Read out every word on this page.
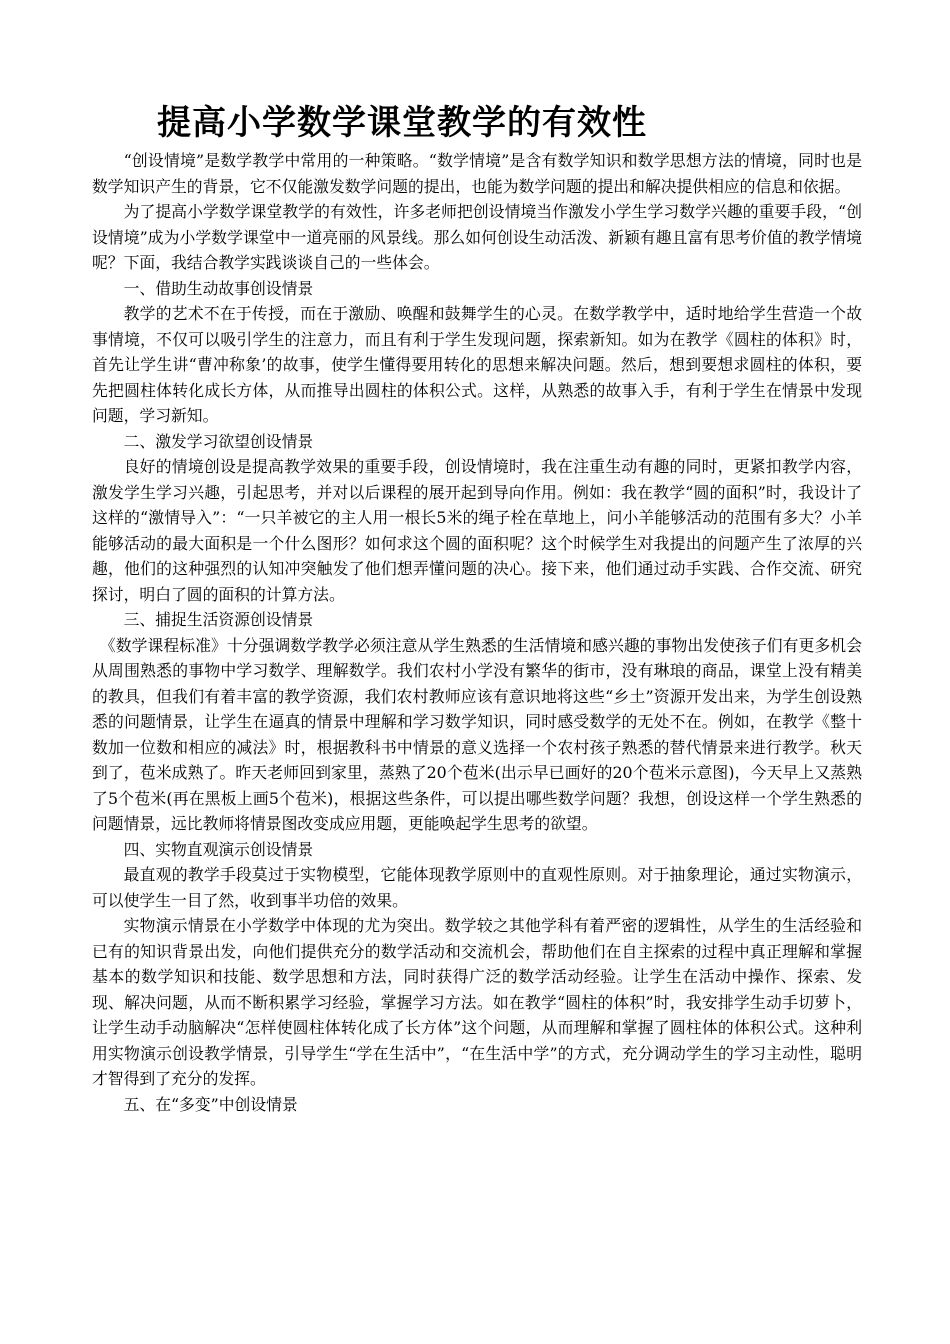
提高小学数学课堂教学的有效性

“创设情境”是数学教学中常用的一种策略。“数学情境”是含有数学知识和数学思想方法的情境，同时也是数学知识产生的背景，它不仅能激发数学问题的提出，也能为数学问题的提出和解决提供相应的信息和依据。

为了提高小学数学课堂教学的有效性，许多老师把创设情境当作激发小学生学习数学兴趣的重要手段，“创设情境”成为小学数学课堂中一道亮丽的风景线。那么如何创设生动活泼、新颖有趣且富有思考价值的教学情境呢？下面，我结合教学实践谈谈自己的一些体会。

一、借助生动故事创设情景

教学的艺术不在于传授，而在于激励、唤醒和鼓舞学生的心灵。在数学教学中，适时地给学生营造一个故事情境，不仅可以吸引学生的注意力，而且有利于学生发现问题，探索新知。如为在教学《圆柱的体积》时，首先让学生讲“曹冲称象’的故事，使学生懂得要用转化的思想来解决问题。然后，想到要想求圆柱的体积，要先把圆柱体转化成长方体，从而推导出圆柱的体积公式。这样，从熟悉的故事入手，有利于学生在情景中发现问题，学习新知。

二、激发学习欲望创设情景

良好的情境创设是提高教学效果的重要手段，创设情境时，我在注重生动有趣的同时，更紧扣教学内容，激发学生学习兴趣，引起思考，并对以后课程的展开起到导向作用。例如：我在教学“圆的面积”时，我设计了这样的“激情导入”：“一只羊被它的主人用一根长5米的绳子栓在草地上，问小羊能够活动的范围有多大？小羊能够活动的最大面积是一个什么图形？如何求这个圆的面积呢？这个时候学生对我提出的问题产生了浓厚的兴趣，他们的这种强烈的认知冲突触发了他们想弄懂问题的决心。接下来，他们通过动手实践、合作交流、研究探讨，明白了圆的面积的计算方法。

三、捕捉生活资源创设情景

《数学课程标准》十分强调数学教学必须注意从学生熟悉的生活情境和感兴趣的事物出发使孩子们有更多机会从周围熟悉的事物中学习数学、理解数学。我们农村小学没有繁华的街市，没有琳琅的商品，课堂上没有精美的教具，但我们有着丰富的教学资源，我们农村教师应该有意识地将这些“乡土”资源开发出来，为学生创设熟悉的问题情景，让学生在逼真的情景中理解和学习数学知识，同时感受数学的无处不在。例如，在教学《整十数加一位数和相应的减法》时，根据教科书中情景的意义选择一个农村孩子熟悉的替代情景来进行教学。秋天到了，苞米成熟了。昨天老师回到家里，蒸熟了20个苞米(出示早已画好的20个苞米示意图)，今天早上又蒸熟了5个苞米(再在黑板上画5个苞米)，根据这些条件，可以提出哪些数学问题？我想，创设这样一个学生熟悉的问题情景，远比教师将情景图改变成应用题，更能唤起学生思考的欲望。

四、实物直观演示创设情景

最直观的教学手段莫过于实物模型，它能体现教学原则中的直观性原则。对于抽象理论，通过实物演示，可以使学生一目了然，收到事半功倍的效果。

实物演示情景在小学数学中体现的尤为突出。数学较之其他学科有着严密的逻辑性，从学生的生活经验和已有的知识背景出发，向他们提供充分的数学活动和交流机会，帮助他们在自主探索的过程中真正理解和掌握基本的数学知识和技能、数学思想和方法，同时获得广泛的数学活动经验。让学生在活动中操作、探索、发现、解决问题，从而不断积累学习经验，掌握学习方法。如在教学“圆柱的体积”时，我安排学生动手切萝卜，让学生动手动脑解决“怎样使圆柱体转化成了长方体”这个问题，从而理解和掌握了圆柱体的体积公式。这种利用实物演示创设教学情景，引导学生“学在生活中”，“在生活中学”的方式，充分调动学生的学习主动性，聪明才智得到了充分的发挥。

五、在“多变”中创设情景
